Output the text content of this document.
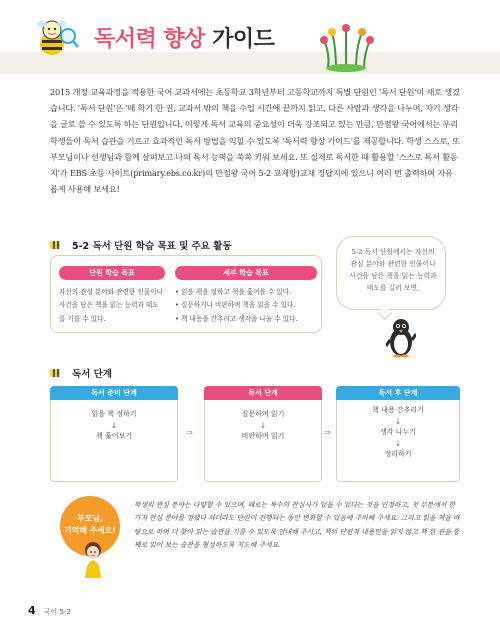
독서력 향상 가이드

2015 개정 교육과정을 적용한 국어 교과서에는 초등학교 3학년부터 고등학교까지 특별 단원인 '독서 단원'이 새로 생겼습니다. '독서 단원'은 '매 학기 한 권, 교과서 밖의 책을 수업 시간에 끝까지 읽고, 다른 사람과 생각을 나누며, 자기 생각을 글로 쓸 수 있도록 하는 단원입니다. 이렇게 독서 교육의 중요성이 더욱 강조되고 있는 만큼, 만점왕 국어에서는 우리 학생들이 독서 습관을 기르고 효과적인 독서 방법을 익힐 수 있도록 '독서력 향상 가이드'를 제공합니다. 학생 스스로, 또 부모님이나 선생님과 함께 살펴보고 나의 독서 능력을 쑥쑥 키워 보세요. 또 실제로 독서한 때 활용할 '스스로 독서 활동지'가 EBS 초등 사이트(primary.ebs.co.kr)의 만점왕 국어 5-2 교재방)교재 정답지에 있으니 여러 번 출력하여 자유롭게 사용해 보세요!

5-2 독서 단원 학습 목표 및 주요 활동
단원 학습 목표
자신의 관심 분야와 관련한 인물이나 사건을 담은 책을 읽는 능력과 태도를 기를 수 있다.
세부 학습 목표
• 읽을 책을 정하고 책을 훑어볼 수 있다.
• 질문하거나 비판하며 책을 읽을 수 있다.
• 책 내용을 간추리고 생각을 나눌 수 있다.
5-2 독서 단원에서는 자신의 관심 분야와 관련한 인물이나 사건을 담은 책을 읽는 능력과 태도를 길러 보면,
독서 단계
독서 준비 단계
읽을 책 정하기
↓
책 훑어보기	⇒
독서 단계
질문하며 읽기
↓
비판하며 읽기	⇒
독서 후 단계
책 내용 간추리기
↓
생각 나누기
↓
정리하기
부모님,
기억해 주세요!

학생의 관심 분야는 다양할 수 있으며, 때로는 복수의 관심사가 있을 수 있다는 것을 인정하고, 첫 부분에서 한 가지 관심 분야를 정했다 하더라도 단원이 진행되는 동안 변화할 수 있음에 주의해 주세요. 그리고 읽을 책을 바탕으로 하며 더 찾아 읽는 습관을 기를 수 있도록 안내해 주시고, 책의 단편적 내용만을 읽지 않고 책 한 권을 통째로 읽어 보는 습관을 형성하도록 지도해 주세요.

4 국어 5-2
